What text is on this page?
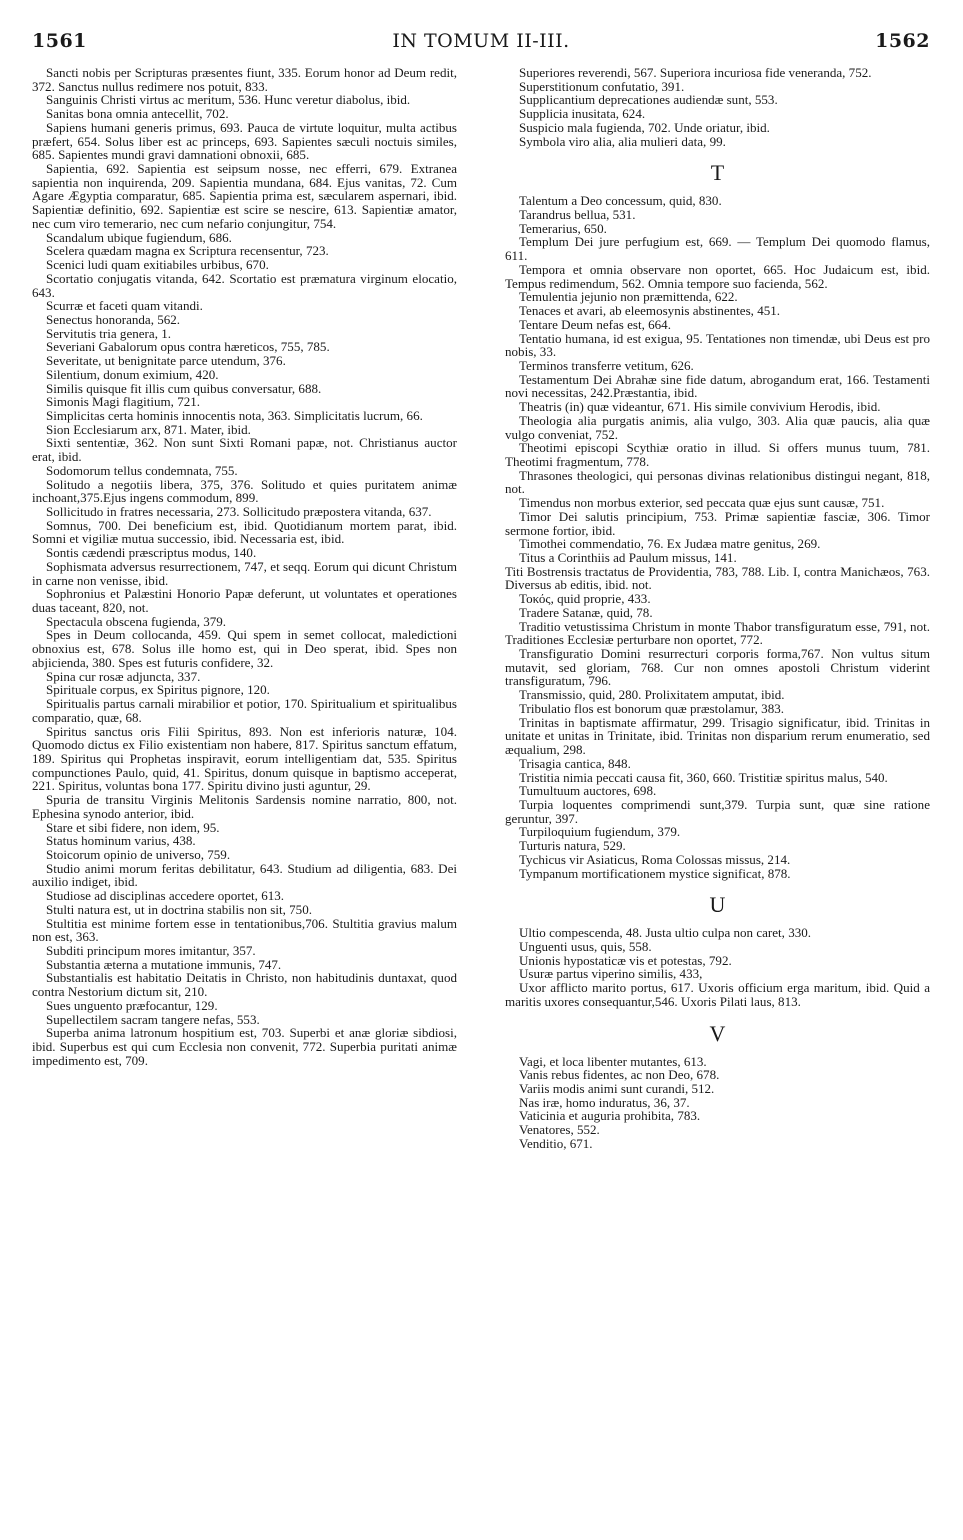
1561	IN TOMUM II-III.	1562

Sancti nobis per Scripturas præsentes fiunt, 335. Eorum honor ad Deum redit, 372. Sanctus nullus redimere nos potuit, 833.

Sanguinis Christi virtus ac meritum, 536. Hunc veretur diabolus, ibid.

Sanitas bona omnia antecellit, 702.

Sapiens humani generis primus, 693. Pauca de virtute loquitur, multa actibus præfert, 654. Solus liber est ac princeps, 693. Sapientes sæculi noctuis similes, 685. Sapientes mundi gravi damnationi obnoxii, 685.

Sapientia, 692. Sapientia est seipsum nosse, nec efferri, 679. Extranea sapientia non inquirenda, 209. Sapientia mundana, 684. Ejus vanitas, 72. Cum Agare Ægyptia comparatur, 685. Sapientia prima est, sæcularem aspernari, ibid. Sapientiæ definitio, 692. Sapientiæ est scire se nescire, 613. Sapientiæ amator, nec cum viro temerario, nec cum nefario conjungitur, 754.

Scandalum ubique fugiendum, 686.

Scelera quædam magna ex Scriptura recensentur, 723.

Scenici ludi quam exitiabiles urbibus, 670.

Scortatio conjugatis vitanda, 642. Scortatio est præmatura virginum elocatio, 643.

Scurræ et faceti quam vitandi.

Senectus honoranda, 562.

Servitutis tria genera, 1.

Severiani Gabalorum opus contra hæreticos, 755, 785.

Severitate, ut benignitate parce utendum, 376.

Silentium, donum eximium, 420.

Similis quisque fit illis cum quibus conversatur, 688.

Simonis Magi flagitium, 721.

Simplicitas certa hominis innocentis nota, 363. Simplicitatis lucrum, 66.

Sion Ecclesiarum arx, 871. Mater, ibid.

Sixti sententiæ, 362. Non sunt Sixti Romani papæ, not. Christianus auctor erat, ibid.

Sodomorum tellus condemnata, 755.

Solitudo a negotiis libera, 375, 376. Solitudo et quies puritatem animæ inchoant,375.Ejus ingens commodum, 899.

Sollicitudo in fratres necessaria, 273. Sollicitudo præpostera vitanda, 637.

Somnus, 700. Dei beneficium est, ibid. Quotidianum mortem parat, ibid. Somni et vigiliæ mutua successio, ibid. Necessaria est, ibid.

Sontis cædendi præscriptus modus, 140.

Sophismata adversus resurrectionem, 747, et seqq. Eorum qui dicunt Christum in carne non venisse, ibid.

Sophronius et Palæstini Honorio Papæ deferunt, ut voluntates et operationes duas taceant, 820, not.

Spectacula obscena fugienda, 379.

Spes in Deum collocanda, 459. Qui spem in semet collocat, maledictioni obnoxius est, 678. Solus ille homo est, qui in Deo sperat, ibid. Spes non abjicienda, 380. Spes est futuris confidere, 32.

Spina cur rosæ adjuncta, 337.

Spirituale corpus, ex Spiritus pignore, 120.

Spiritualis partus carnali mirabilior et potior, 170. Spiritualium et spiritualibus comparatio, quæ, 68.

Spiritus sanctus oris Filii Spiritus, 893. Non est inferioris naturæ, 104. Quomodo dictus ex Filio existentiam non habere, 817. Spiritus sanctum effatum, 189. Spiritus qui Prophetas inspiravit, eorum intelligentiam dat, 535. Spiritus compunctiones Paulo, quid, 41. Spiritus, donum quisque in baptismo acceperat, 221. Spiritus, voluntas bona 177. Spiritu divino justi aguntur, 29.

Spuria de transitu Virginis Melitonis Sardensis nomine narratio, 800, not. Ephesina synodo anterior, ibid.

Stare et sibi fidere, non idem, 95.

Status hominum varius, 438.

Stoicorum opinio de universo, 759.

Studio animi morum feritas debilitatur, 643. Studium ad diligentia, 683. Dei auxilio indiget, ibid.

Studiose ad disciplinas accedere oportet, 613.

Stulti natura est, ut in doctrina stabilis non sit, 750.

Stultitia est minime fortem esse in tentationibus,706. Stultitia gravius malum non est, 363.

Subditi principum mores imitantur, 357.

Substantia æterna a mutatione immunis, 747.

Substantialis est habitatio Deitatis in Christo, non habitudinis duntaxat, quod contra Nestorium dictum sit, 210.

Sues unguento præfocantur, 129.

Supellectilem sacram tangere nefas, 553.

Superba anima latronum hospitium est, 703. Superbi et anæ gloriæ sibdiosi, ibid. Superbus est qui cum Ecclesia non convenit, 772. Superbia puritati animæ impedimento est, 709.

Superiores reverendi, 567. Superiora incuriosa fide veneranda, 752.

Superstitionum confutatio, 391.

Supplicantium deprecationes audiendæ sunt, 553.

Supplicia inusitata, 624.

Suspicio mala fugienda, 702. Unde oriatur, ibid.

Symbola viro alia, alia mulieri data, 99.

T

Talentum a Deo concessum, quid, 830.

Tarandrus bellua, 531.

Temerarius, 650.

Templum Dei jure perfugium est, 669. — Templum Dei quomodo flamus, 611.

Tempora et omnia observare non oportet, 665. Hoc Judaicum est, ibid. Tempus redimendum, 562. Omnia tempore suo facienda, 562.

Temulentia jejunio non præmittenda, 622.

Tenaces et avari, ab eleemosynis abstinentes, 451.

Tentare Deum nefas est, 664.

Tentatio humana, id est exigua, 95. Tentationes non timendæ, ubi Deus est pro nobis, 33.

Terminos transferre vetitum, 626.

Testamentum Dei Abrahæ sine fide datum, abrogandum erat, 166. Testamenti novi necessitas, 242.Præstantia, ibid.

Theatris (in) quæ videantur, 671. His simile convivium Herodis, ibid.

Theologia alia purgatis animis, alia vulgo, 303. Alia quæ paucis, alia quæ vulgo conveniat, 752.

Theotimi episcopi Scythiæ oratio in illud. Si offers munus tuum, 781. Theotimi fragmentum, 778.

Thrasones theologici, qui personas divinas relationibus distingui negant, 818, not.

Timendus non morbus exterior, sed peccata quæ ejus sunt causæ, 751.

Timor Dei salutis principium, 753. Primæ sapientiæ fasciæ, 306. Timor sermone fortior, ibid.

Timothei commendatio, 76. Ex Judæa matre genitus, 269.

Titus a Corinthiis ad Paulum missus, 141.

Titi Bostrensis tractatus de Providentia, 783, 788. Lib. I, contra Manichæos, 763. Diversus ab editis, ibid. not.

Τοκός, quid proprie, 433.

Tradere Satanæ, quid, 78.

Traditio vetustissima Christum in monte Thabor transfiguratum esse, 791, not. Traditiones Ecclesiæ perturbare non oportet, 772.

Transfiguratio Domini resurrecturi corporis forma,767. Non vultus situm mutavit, sed gloriam, 768. Cur non omnes apostoli Christum viderint transfiguratum, 796.

Transmissio, quid, 280. Prolixitatem amputat, ibid.

Tribulatio flos est bonorum quæ præstolamur, 383.

Trinitas in baptismate affirmatur, 299. Trisagio significatur, ibid. Trinitas in unitate et unitas in Trinitate, ibid. Trinitas non disparium rerum enumeratio, sed æqualium, 298.

Trisagia cantica, 848.

Tristitia nimia peccati causa fit, 360, 660. Tristitiæ spiritus malus, 540.

Tumultuum auctores, 698.

Turpia loquentes comprimendi sunt,379. Turpia sunt, quæ sine ratione geruntur, 397.

Turpiloquium fugiendum, 379.

Turturis natura, 529.

Tychicus vir Asiaticus, Roma Colossas missus, 214.

Tympanum mortificationem mystice significat, 878.

U

Ultio compescenda, 48. Justa ultio culpa non caret, 330.

Unguenti usus, quis, 558.

Unionis hypostaticæ vis et potestas, 792.

Usuræ partus viperino similis, 433,

Uxor afflicto marito portus, 617. Uxoris officium erga maritum, ibid. Quid a maritis uxores consequantur,546. Uxoris Pilati laus, 813.

V

Vagi, et loca libenter mutantes, 613.

Vanis rebus fidentes, ac non Deo, 678.

Variis modis animi sunt curandi, 512.

Nas iræ, homo induratus, 36, 37.

Vaticinia et auguria prohibita, 783.

Venatores, 552.

Venditio, 671.
